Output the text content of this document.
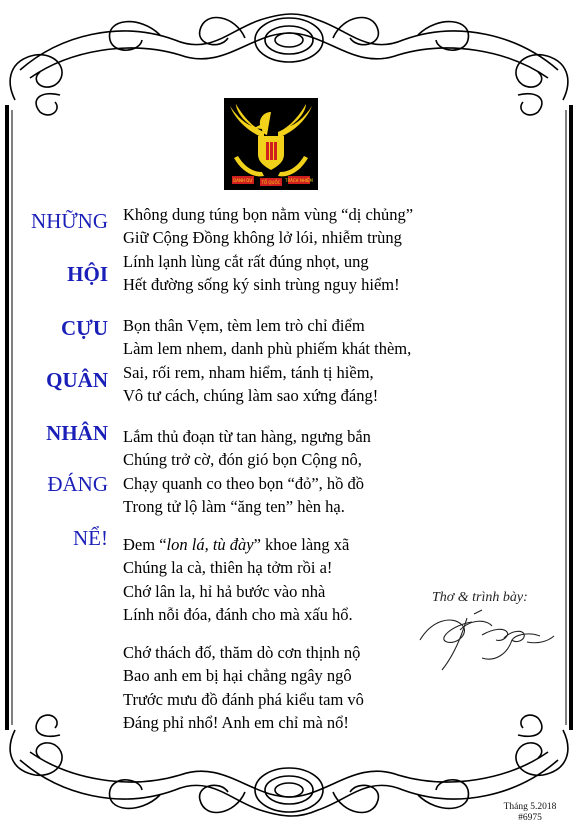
DANH DỰ TỔ QUỐC TRÁCH NHIỆM
NHỮNG
HỘI
CỰU
QUÂN
NHÂN
ĐÁNG
NỂ!
Không dung túng bọn nằm vùng “dị chủng”
Giữ Cộng Đồng không lở lói, nhiễm trùng
Lính lạnh lùng cắt rất đúng nhọt, ung
Hết đường sống ký sinh trùng nguy hiểm!
Bọn thân Vẹm, tèm lem trò chỉ điểm
Làm lem nhem, danh phù phiếm khát thèm,
Sai, rối rem, nham hiểm, tánh tị hiềm,
Vô tư cách, chúng làm sao xứng đáng!
Lắm thủ đoạn từ tan hàng, ngưng bắn
Chúng trở cờ, đón gió bọn Cộng nô,
Chạy quanh co theo bọn “đỏ”, hồ đồ
Trong tử lộ làm “ăng ten” hèn hạ.
Đem “lon lá, tù đày” khoe làng xã
Chúng la cà, thiên hạ tởm rồi a!
Chớ lân la, hỉ hả bước vào nhà
Lính nỗi đóa, đánh cho mà xấu hổ.
Chớ thách đố, thăm dò cơn thịnh nộ
Bao anh em bị hại chẳng ngây ngô
Trước mưu đồ đánh phá kiểu tam vô
Đáng phỉ nhổ! Anh em chỉ mà nổ!
Thơ & trình bày:
Tháng 5.2018
#6975
